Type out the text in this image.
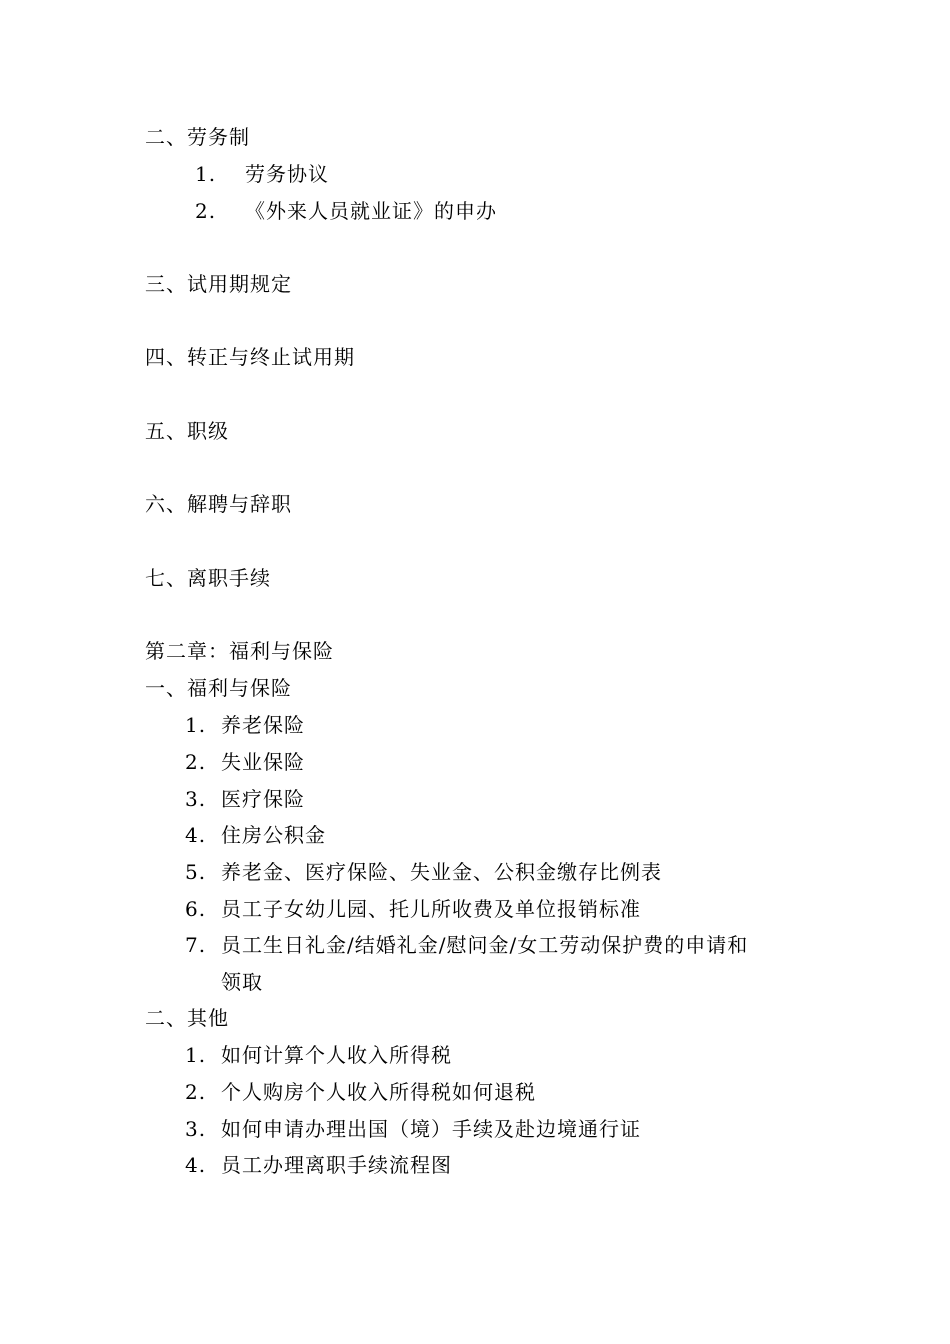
二、劳务制
1. 劳务协议
2. 《外来人员就业证》的申办
三、试用期规定
四、转正与终止试用期
五、职级
六、解聘与辞职
七、离职手续
第二章：福利与保险
一、福利与保险
1. 养老保险
2. 失业保险
3. 医疗保险
4. 住房公积金
5. 养老金、医疗保险、失业金、公积金缴存比例表
6. 员工子女幼儿园、托儿所收费及单位报销标准
7. 员工生日礼金/结婚礼金/慰问金/女工劳动保护费的申请和
领取
二、其他
1. 如何计算个人收入所得税
2. 个人购房个人收入所得税如何退税
3. 如何申请办理出国（境）手续及赴边境通行证
4. 员工办理离职手续流程图
